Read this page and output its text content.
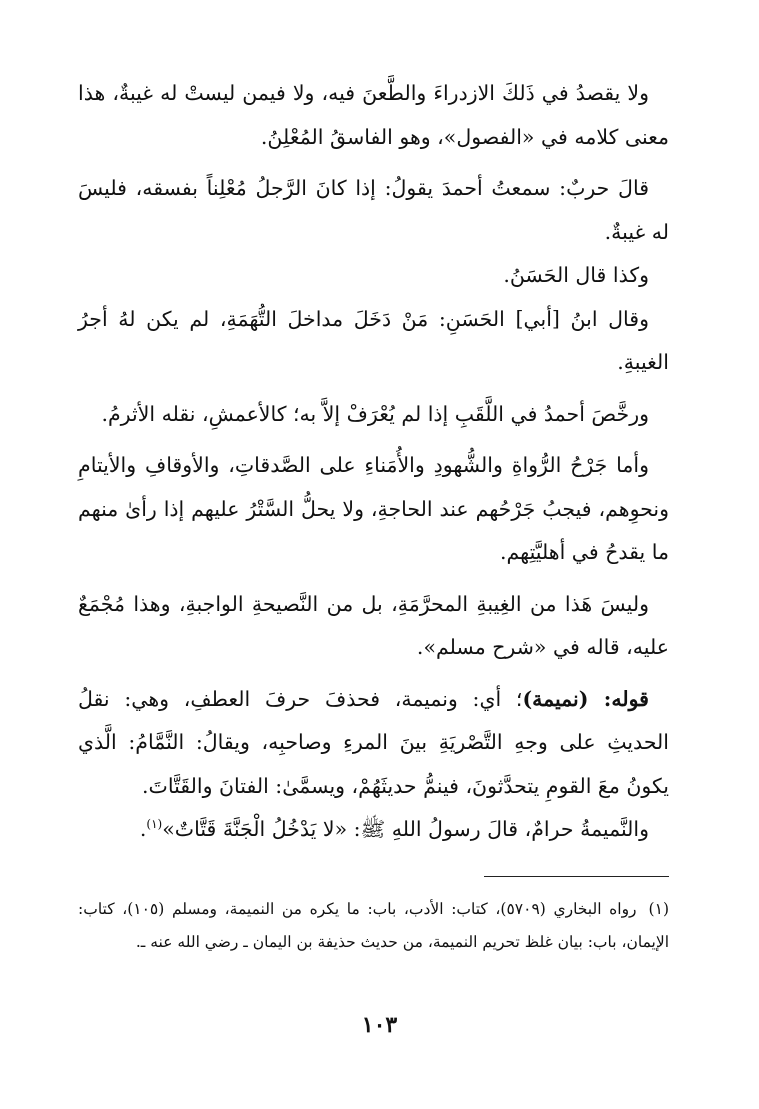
ولا يقصدُ في ذَلكَ الازدراءَ والطَّعنَ فيه، ولا فيمن ليستْ له غيبةٌ، هذا معنى كلامه في «الفصول»، وهو الفاسقُ المُعْلِنُ.

قالَ حربٌ: سمعتُ أحمدَ يقولُ: إذا كانَ الرَّجلُ مُعْلِناً بفسقه، فليسَ له غيبةٌ.

وكذا قال الحَسَنُ.

وقال ابنُ [أبي] الحَسَنِ: مَنْ دَخَلَ مداخلَ التُّهَمَةِ، لم يكن لهُ أجرُ الغيبةِ.

ورخَّصَ أحمدُ في اللَّقَبِ إذا لم يُعْرَفْ إلاَّ به؛ كالأعمشِ، نقله الأثرمُ.

وأما جَرْحُ الرُّواةِ والشُّهودِ والأُمَناءِ على الصَّدقاتِ، والأوقافِ والأيتامِ ونحوِهم، فيجبُ جَرْحُهم عند الحاجةِ، ولا يحلُّ السَّتْرُ عليهم إذا رأىٰ منهم ما يقدحُ في أهليَّتِهم.

وليسَ هَذا من الغِيبةِ المحرَّمَةِ، بل من النَّصيحةِ الواجبةِ، وهذا مُجْمَعٌ عليه، قاله في «شرح مسلم».

قوله: (نميمة)؛ أي: ونميمة، فحذفَ حرفَ العطفِ، وهي: نقلُ الحديثِ على وجهِ التَّصْريَةِ بينَ المرءِ وصاحبِه، ويقالُ: النَّمَّامُ: الَّذي يكونُ معَ القومِ يتحدَّثونَ، فينمُّ حديثَهُمْ، ويسمَّىٰ: الفتانَ والقَتَّاتَ.

والنَّميمةُ حرامٌ، قالَ رسولُ اللهِ ﷺ: «لا يَدْخُلُ الْجَنَّةَ قَتَّاتٌ»$^{(١)}$.

(١)رواه البخاري (٥٧٠٩)، كتاب: الأدب، باب: ما يكره من النميمة، ومسلم (١٠٥)، كتاب: الإيمان، باب: بيان غلظ تحريم النميمة، من حديث حذيفة بن اليمان ـ رضي الله عنه ـ.

١٠٣
